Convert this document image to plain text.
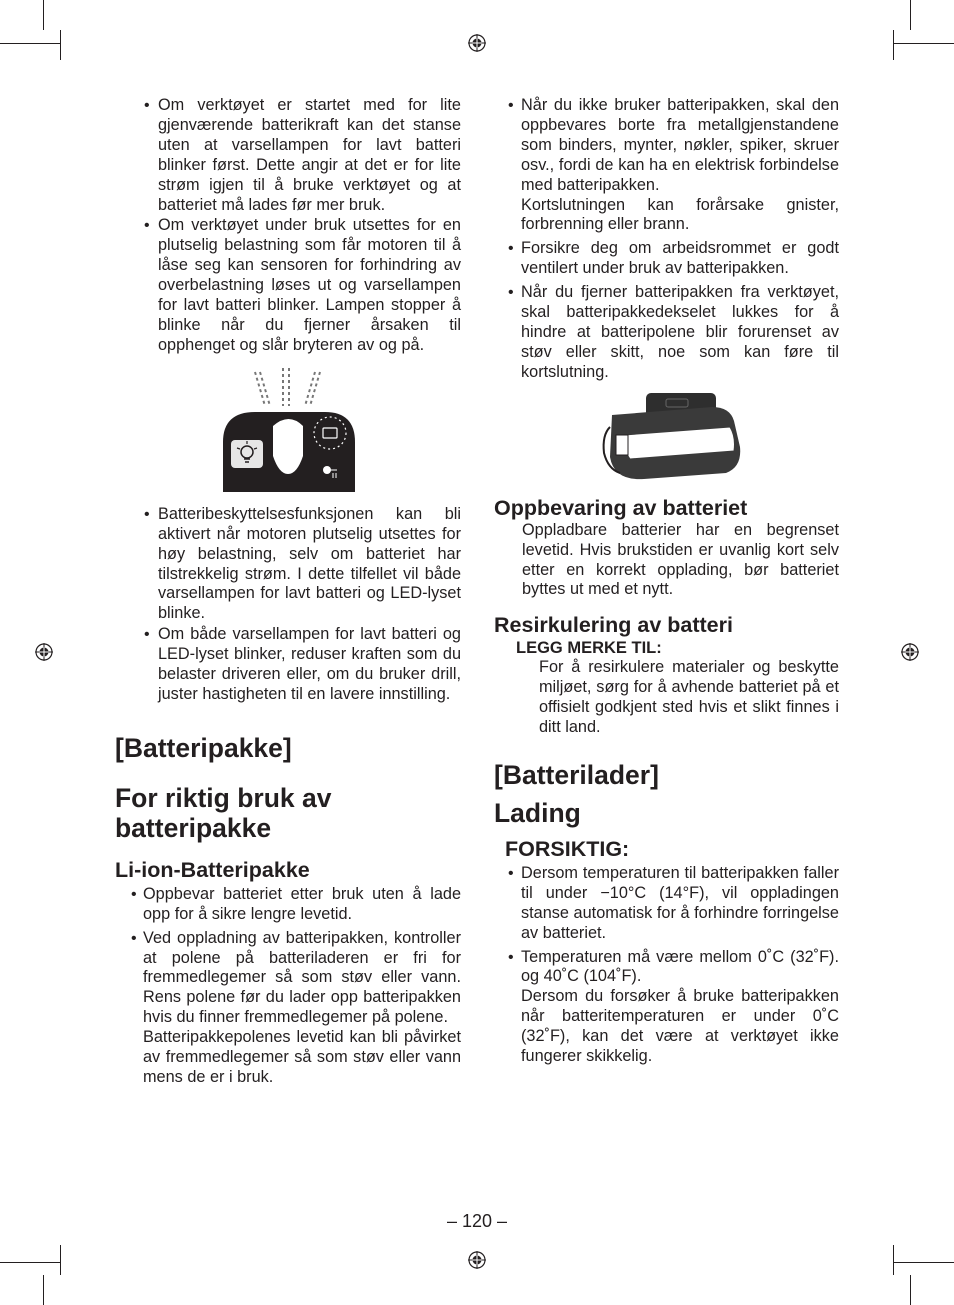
• Om verktøyet er startet med for lite gjenværende batterikraft kan det stanse uten at varsellampen for lavt batteri blinker først. Dette angir at det er for lite strøm igjen til å bruke verktøyet og at batteriet må lades før mer bruk.

• Om verktøyet under bruk utsettes for en plutselig belastning som får motoren til å låse seg kan sensoren for forhindring av overbelastning løses ut og varsellampen for lavt batteri blinker. Lampen stopper å blinke når du fjerner årsaken til opphenget og slår bryteren av og på.

• Batteribeskyttelsesfunksjonen kan bli aktivert når motoren plutselig utsettes for høy belastning, selv om batteriet har tilstrekkelig strøm. I dette tilfellet vil både varsellampen for lavt batteri og LED-lyset blinke.

• Om både varsellampen for lavt batteri og LED-lyset blinker, reduser kraften som du belaster driveren eller, om du bruker drill, juster hastigheten til en lavere innstilling.

[Batteripakke]
For riktig bruk av batteripakke
Li-ion-Batteripakke

• Oppbevar batteriet etter bruk uten å lade opp for å sikre lengre levetid.

• Ved oppladning av batteripakken, kontroller at polene på batteriladeren er fri for fremmedlegemer så som støv eller vann. Rens polene før du lader opp batteripakken hvis du finner fremmedlegemer på polene.

Batteripakkepolenes levetid kan bli påvirket av fremmedlegemer så som støv eller vann mens de er i bruk.

• Når du ikke bruker batteripakken, skal den oppbevares borte fra metallgjenstandene som binders, mynter, nøkler, spiker, skruer osv., fordi de kan ha en elektrisk forbindelse med batteripakken.

Kortslutningen kan forårsake gnister, forbrenning eller brann.

• Forsikre deg om arbeidsrommet er godt ventilert under bruk av batteripakken.

• Når du fjerner batteripakken fra verktøyet, skal batteripakkedekselet lukkes for å hindre at batteripolene blir forurenset av støv eller skitt, noe som kan føre til kortslutning.

Oppbevaring av batteriet

Oppladbare batterier har en begrenset levetid. Hvis brukstiden er uvanlig kort selv etter en korrekt opplading, bør batteriet byttes ut med et nytt.

Resirkulering av batteri

LEGG MERKE TIL:

For å resirkulere materialer og beskytte miljøet, sørg for å avhende batteriet på et offisielt godkjent sted hvis et slikt finnes i ditt land.

[Batterilader]
Lading
FORSIKTIG:

• Dersom temperaturen til batteripakken faller til under −10°C (14°F), vil oppladingen stanse automatisk for å forhindre forringelse av batteriet.

• Temperaturen må være mellom 0˚C (32˚F). og 40˚C (104˚F).

Dersom du forsøker å bruke batteripakken når batteritemperaturen er under 0˚C (32˚F), kan det være at verktøyet ikke fungerer skikkelig.

– 120 –
